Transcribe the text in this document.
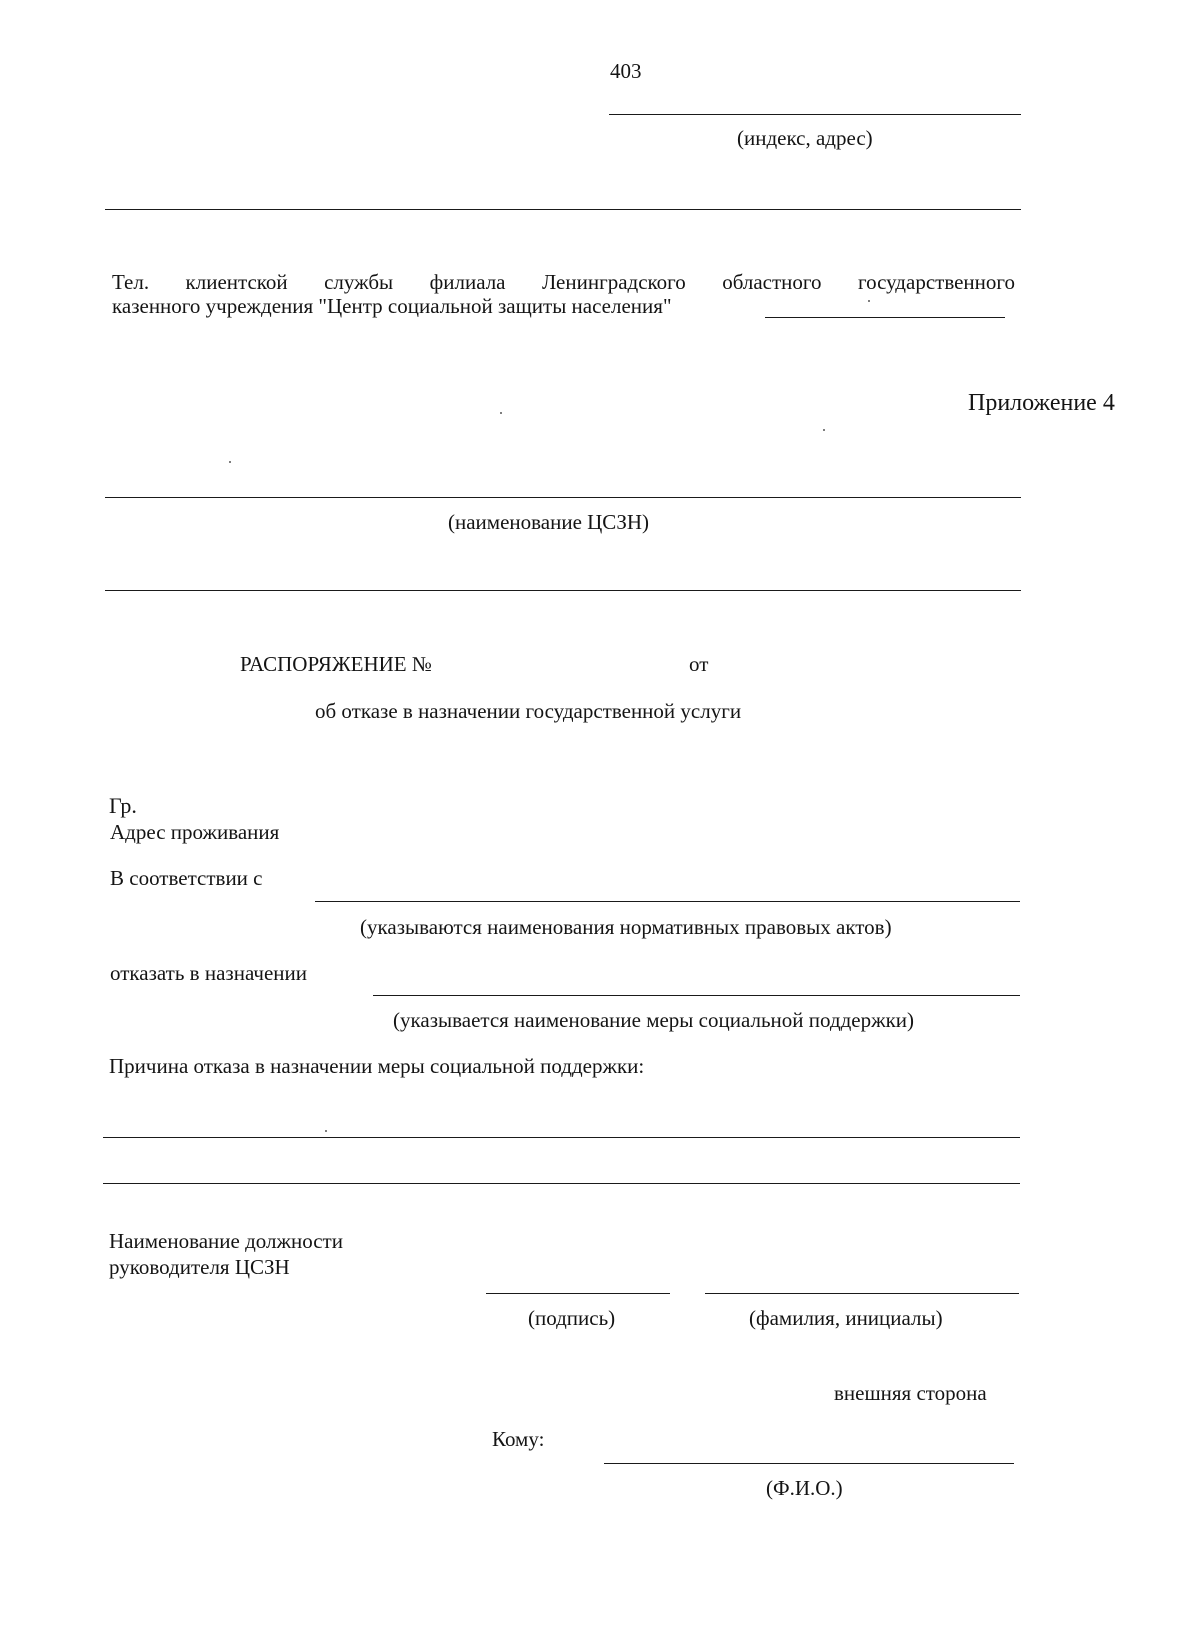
403
(индекс, адрес)
Тел. клиентской службы филиала Ленинградского областного государственного
казенного учреждения "Центр социальной защиты населения"
Приложение 4
(наименование ЦСЗН)
РАСПОРЯЖЕНИЕ №	от
об отказе в назначении государственной услуги
Гр.
Адрес проживания
В соответствии с
(указываются наименования нормативных правовых актов)
отказать в назначении
(указывается наименование меры социальной поддержки)
Причина отказа в назначении меры социальной поддержки:
Наименование должности
руководителя ЦСЗН
(подпись)	(фамилия, инициалы)
внешняя сторона
Кому:
(Ф.И.О.)
